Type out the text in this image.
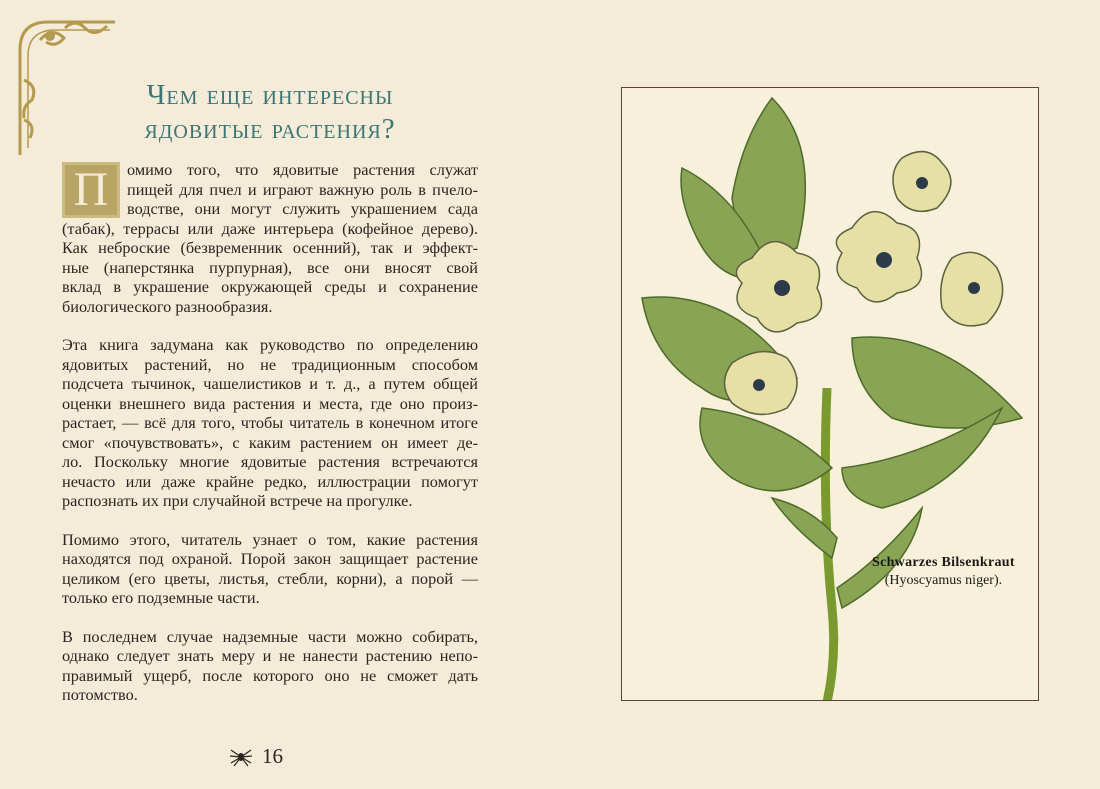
Чем еще интересны
ядовитые растения?
П	омимо того, что ядовитые растения служат
пищей для пчел и играют важную роль в пчело-
водстве, они могут служить украшением сада
(табак), террасы или даже интерьера (кофейное дерево).
Как неброские (безвременник осенний), так и эффект-
ные (наперстянка пурпурная), все они вносят свой
вклад в украшение окружающей среды и сохранение
биологического разнообразия.
Эта книга задумана как руководство по определению
ядовитых растений, но не традиционным способом
подсчета тычинок, чашелистиков и т. д., а путем общей
оценки внешнего вида растения и места, где оно произ-
растает, — всё для того, чтобы читатель в конечном итоге
смог «почувствовать», с каким растением он имеет де-
ло. Поскольку многие ядовитые растения встречаются
нечасто или даже крайне редко, иллюстрации помогут
распознать их при случайной встрече на прогулке.
Помимо этого, читатель узнает о том, какие растения
находятся под охраной. Порой закон защищает растение
целиком (его цветы, листья, стебли, корни), а порой —
только его подземные части.
В последнем случае надземные части можно собирать,
однако следует знать меру и не нанести растению непо-
правимый ущерб, после которого оно не сможет дать
потомство.
16
Schwarzes Bilsenkraut
(Hyoscyamus niger).
